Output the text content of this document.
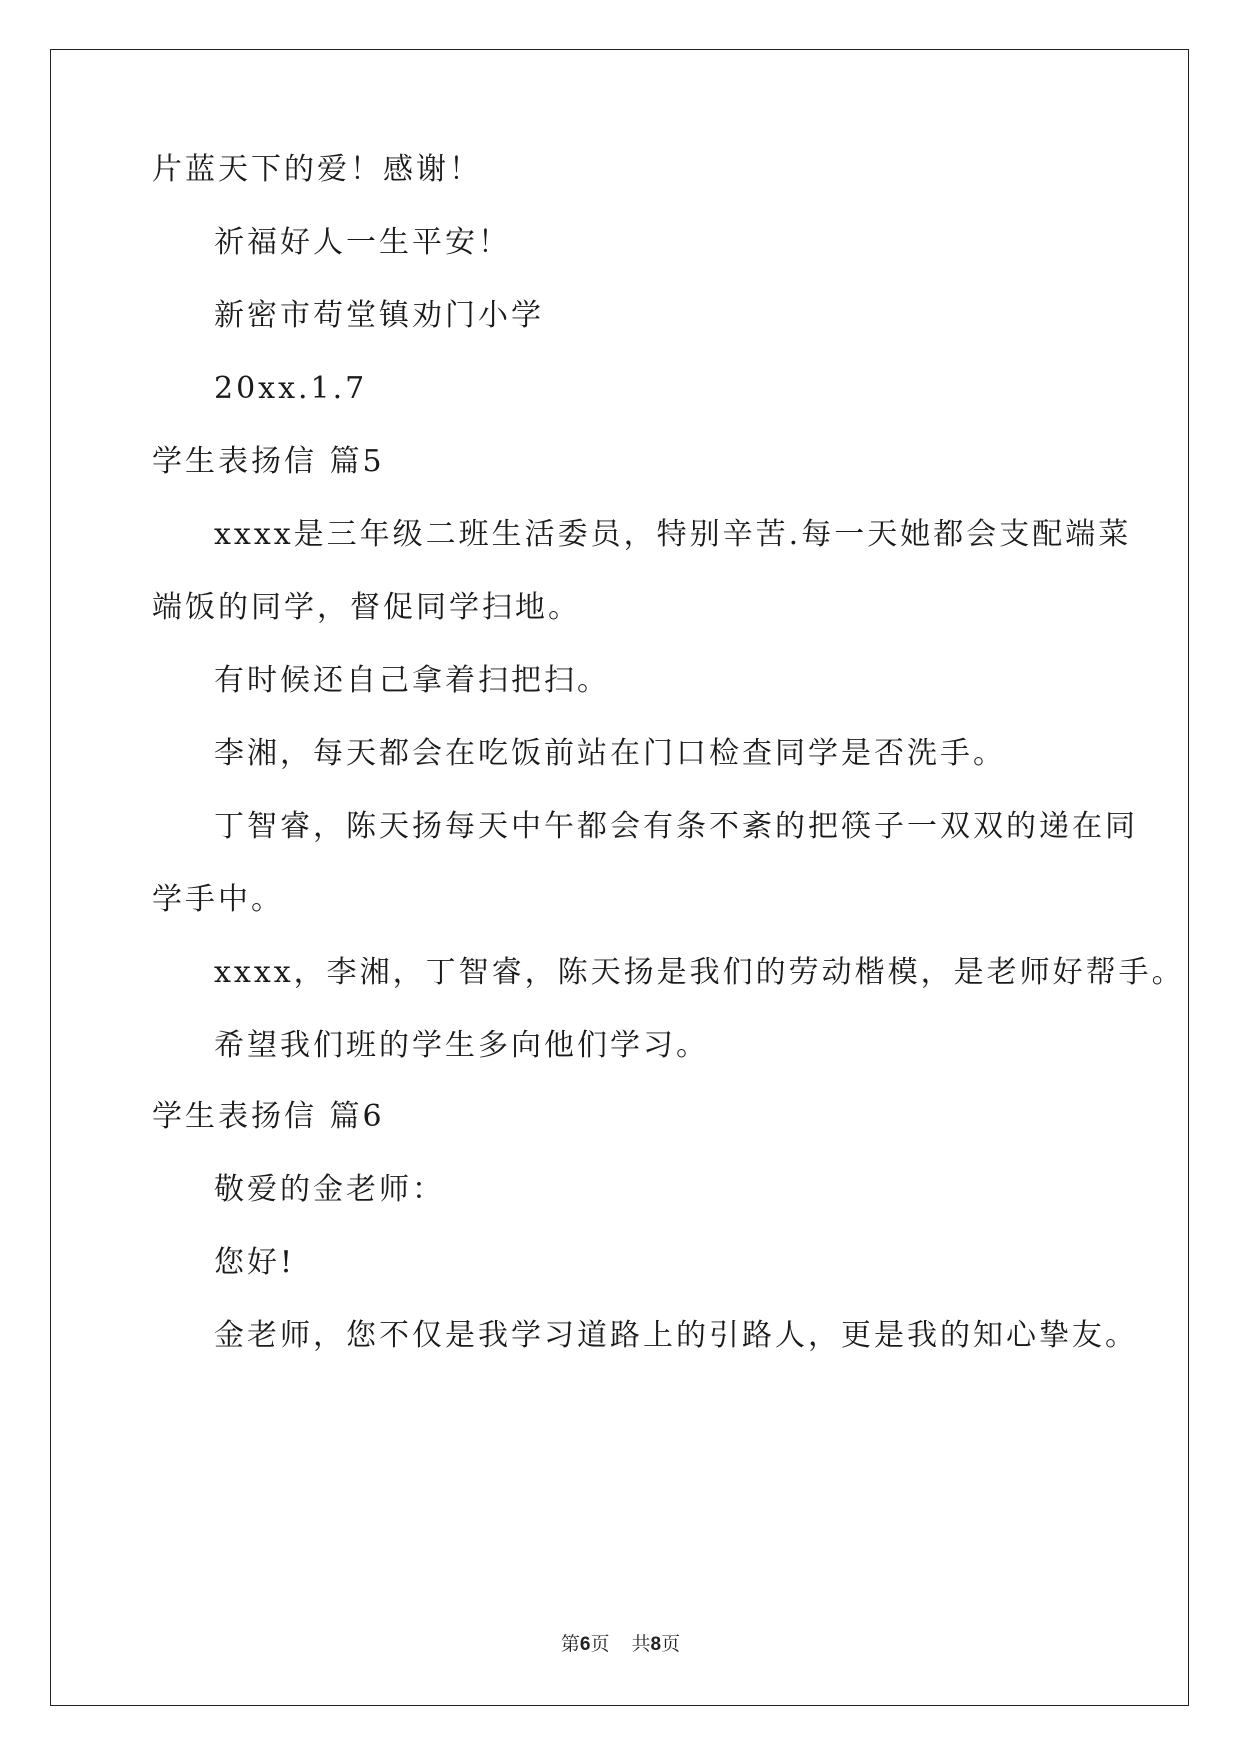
片蓝天下的爱！感谢！
祈福好人一生平安！
新密市苟堂镇劝门小学
20xx.1.7
学生表扬信 篇5
xxxx是三年级二班生活委员，特别辛苦.每一天她都会支配端菜
端饭的同学，督促同学扫地。
有时候还自己拿着扫把扫。
李湘，每天都会在吃饭前站在门口检查同学是否洗手。
丁智睿，陈天扬每天中午都会有条不紊的把筷子一双双的递在同
学手中。
xxxx，李湘，丁智睿，陈天扬是我们的劳动楷模，是老师好帮手。
希望我们班的学生多向他们学习。
学生表扬信 篇6
敬爱的金老师：
您好!
金老师，您不仅是我学习道路上的引路人，更是我的知心挚友。
第6页 共8页
